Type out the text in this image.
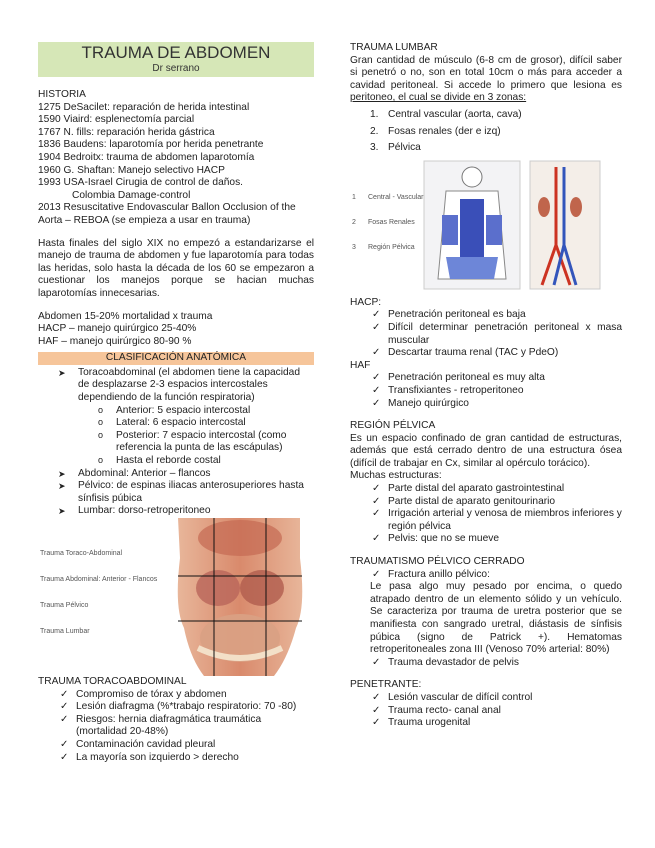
TRAUMA DE ABDOMEN
Dr serrano
HISTORIA
1275 DeSacilet: reparación de herida intestinal
1590 Viaird: esplenectomía parcial
1767 N. fills: reparación herida gástrica
1836 Baudens: laparotomía por herida penetrante
1904 Bedroitx: trauma de abdomen laparotomía
1960 G. Shaftan: Manejo selectivo HACP
1993 USA-Israel Cirugia de control de daños.
Colombia Damage-control
2013 Resuscitative Endovascular Ballon Occlusion of the Aorta – REBOA (se empieza a usar en trauma)

Hasta finales del siglo XIX no empezó a estandarizarse el manejo de trauma de abdomen y fue laparotomía para todas las heridas, solo hasta la década de los 60 se empezaron a cuestionar los manejos porque se hacian muchas laparotomías innecesarias.

Abdomen 15-20% mortalidad x trauma
HACP – manejo quirúrgico 25-40%
HAF – manejo quirúrgico 80-90 %
CLASIFICACIÓN ANATÓMICA
➤ Toracoabdominal (el abdomen tiene la capacidad de desplazarse 2-3 espacios intercostales dependiendo de la función respiratoria)
o Anterior: 5 espacio intercostal
o Lateral: 6 espacio intercostal
o Posterior: 7 espacio intercostal (como referencia la punta de las escápulas)
o Hasta el reborde costal
➤ Abdominal: Anterior – flancos
➤ Pélvico: de espinas iliacas anterosuperiores hasta sínfisis púbica
➤ Lumbar: dorso-retroperitoneo
Trauma Toraco-Abdominal
Trauma Abdominal: Anterior - Flancos
Trauma Pélvico
Trauma Lumbar
TRAUMA TORACOABDOMINAL
✓ Compromiso de tórax y abdomen
✓ Lesión diafragma (%*trabajo respiratorio: 70 -80)
✓ Riesgos: hernia diafragmática traumática (mortalidad 20-48%)
✓ Contaminación cavidad pleural
✓ La mayoría son izquierdo > derecho
TRAUMA LUMBAR

Gran cantidad de músculo (6-8 cm de grosor), difícil saber si penetró o no, son en total 10cm o más para acceder a cavidad peritoneal. Si accede lo primero que lesiona es peritoneo, el cual se divide en 3 zonas:

1. Central vascular (aorta, cava)
2. Fosas renales (der e izq)
3. Pélvica
1 Central - Vascular
2 Fosas Renales
3 Región Pélvica
HACP:
✓ Penetración peritoneal es baja
✓ Difícil determinar penetración peritoneal x masa muscular
✓ Descartar trauma renal (TAC y PdeO)
HAF
✓ Penetración peritoneal es muy alta
✓ Transfixiantes - retroperitoneo
✓ Manejo quirúrgico
REGIÓN PÉLVICA

Es un espacio confinado de gran cantidad de estructuras, además que está cerrado dentro de una estructura ósea (difícil de trabajar en Cx, similar al opérculo torácico).

Muchas estructuras:
✓ Parte distal del aparato gastrointestinal
✓ Parte distal de aparato genitourinario
✓ Irrigación arterial y venosa de miembros inferiores y región pélvica
✓ Pelvis: que no se mueve
TRAUMATISMO PÉLVICO CERRADO
✓ Fractura anillo pélvico:

Le pasa algo muy pesado por encima, o quedo atrapado dentro de un elemento sólido y un vehículo. Se caracteriza por trauma de uretra posterior que se manifiesta con sangrado uretral, diástasis de sínfisis púbica (signo de Patrick +). Hematomas retroperitoneales zona III (Venoso 70% arterial: 80%)

✓ Trauma devastador de pelvis
PENETRANTE:
✓ Lesión vascular de difícil control
✓ Trauma recto- canal anal
✓ Trauma urogenital
